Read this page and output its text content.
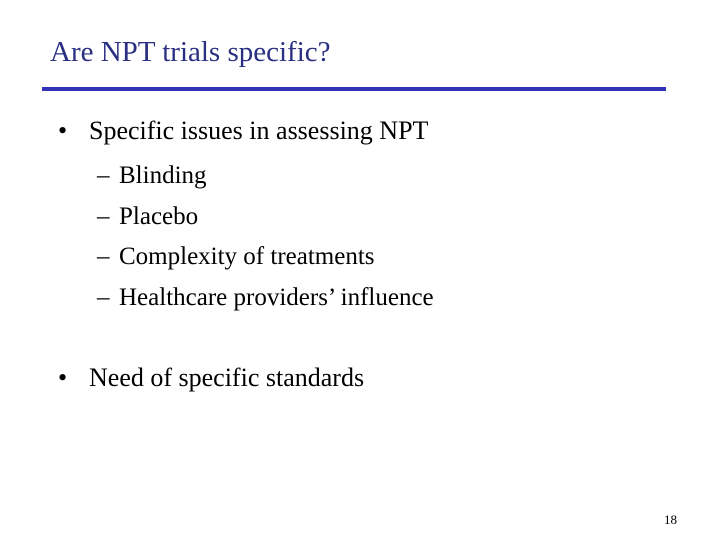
Are NPT trials specific?
• Specific issues in assessing NPT
– Blinding
– Placebo
– Complexity of treatments
– Healthcare providers’ influence
• Need of specific standards
18
